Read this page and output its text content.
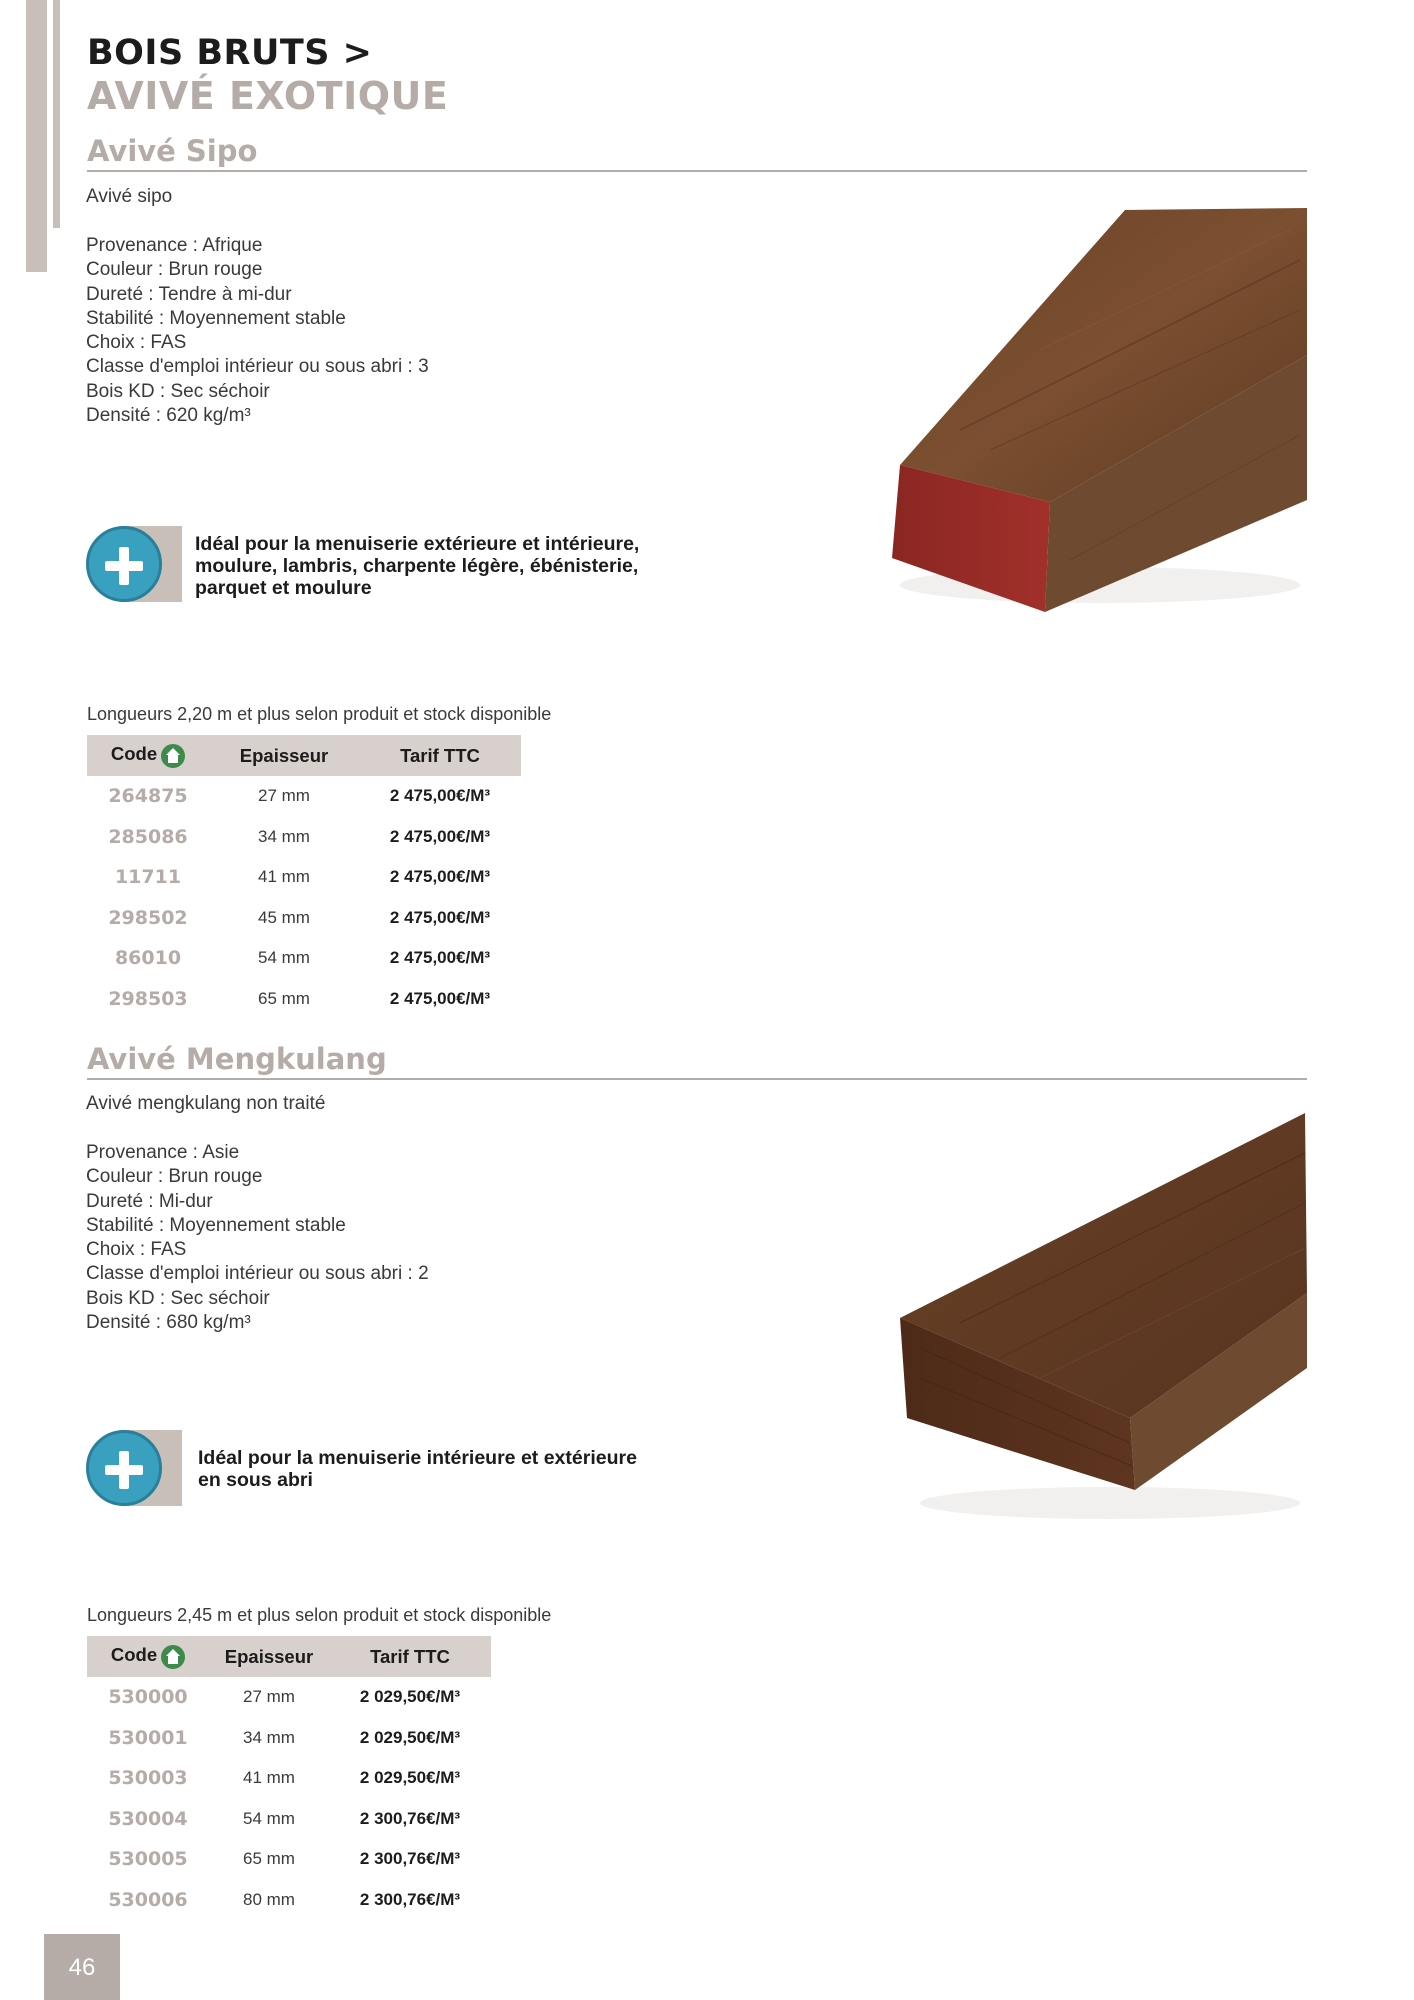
BOIS BRUTS >
AVIVÉ EXOTIQUE
Avivé Sipo
Avivé sipo
Provenance : Afrique
Couleur : Brun rouge
Dureté : Tendre à mi-dur
Stabilité : Moyennement stable
Choix : FAS
Classe d'emploi intérieur ou sous abri : 3
Bois KD : Sec séchoir
Densité : 620 kg/m³
Idéal pour la menuiserie extérieure et intérieure,
moulure, lambris, charpente légère, ébénisterie,
parquet et moulure
Longueurs 2,20 m et plus selon produit et stock disponible
Code	Epaisseur	Tarif TTC
264875	27 mm	2 475,00€/M³
285086	34 mm	2 475,00€/M³
11711	41 mm	2 475,00€/M³
298502	45 mm	2 475,00€/M³
86010	54 mm	2 475,00€/M³
298503	65 mm	2 475,00€/M³
Avivé Mengkulang
Avivé mengkulang non traité
Provenance : Asie
Couleur : Brun rouge
Dureté : Mi-dur
Stabilité : Moyennement stable
Choix : FAS
Classe d'emploi intérieur ou sous abri : 2
Bois KD : Sec séchoir
Densité : 680 kg/m³
Idéal pour la menuiserie intérieure et extérieure
en sous abri
Longueurs 2,45 m et plus selon produit et stock disponible
Code	Epaisseur	Tarif TTC
530000	27 mm	2 029,50€/M³
530001	34 mm	2 029,50€/M³
530003	41 mm	2 029,50€/M³
530004	54 mm	2 300,76€/M³
530005	65 mm	2 300,76€/M³
530006	80 mm	2 300,76€/M³
46
